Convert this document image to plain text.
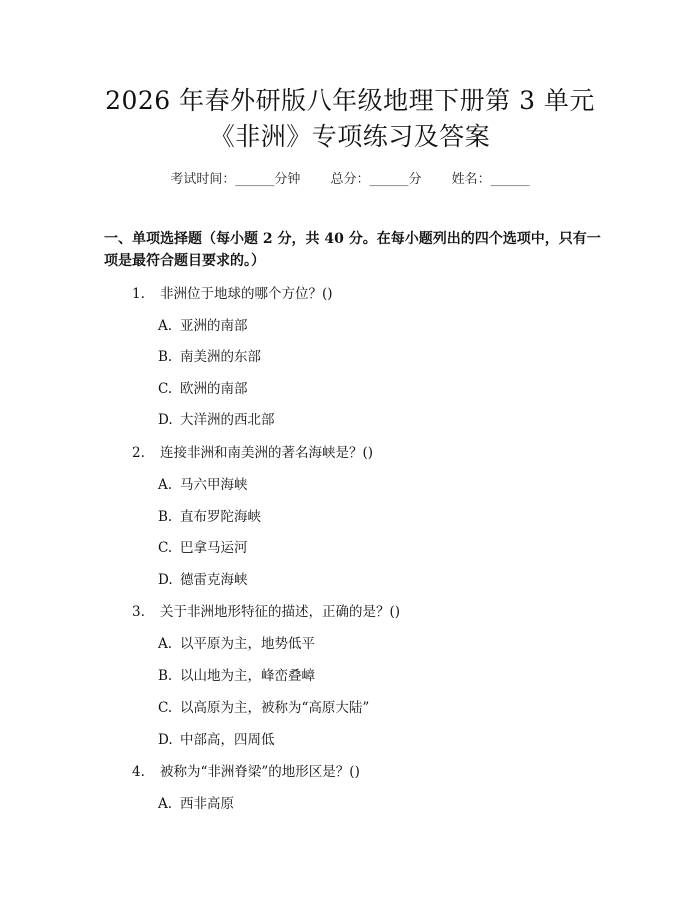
2026 年春外研版八年级地理下册第 3 单元
《非洲》专项练习及答案
考试时间：______分钟 总分：______分 姓名：______
一、单项选择题（每小题 2 分，共 40 分。在每小题列出的四个选项中，只有一项是最符合题目要求的。）
1. 非洲位于地球的哪个方位？()
A. 亚洲的南部
B. 南美洲的东部
C. 欧洲的南部
D. 大洋洲的西北部
2. 连接非洲和南美洲的著名海峡是？()
A. 马六甲海峡
B. 直布罗陀海峡
C. 巴拿马运河
D. 德雷克海峡
3. 关于非洲地形特征的描述，正确的是？()
A. 以平原为主，地势低平
B. 以山地为主，峰峦叠嶂
C. 以高原为主，被称为“高原大陆”
D. 中部高，四周低
4. 被称为“非洲脊梁”的地形区是？()
A. 西非高原
